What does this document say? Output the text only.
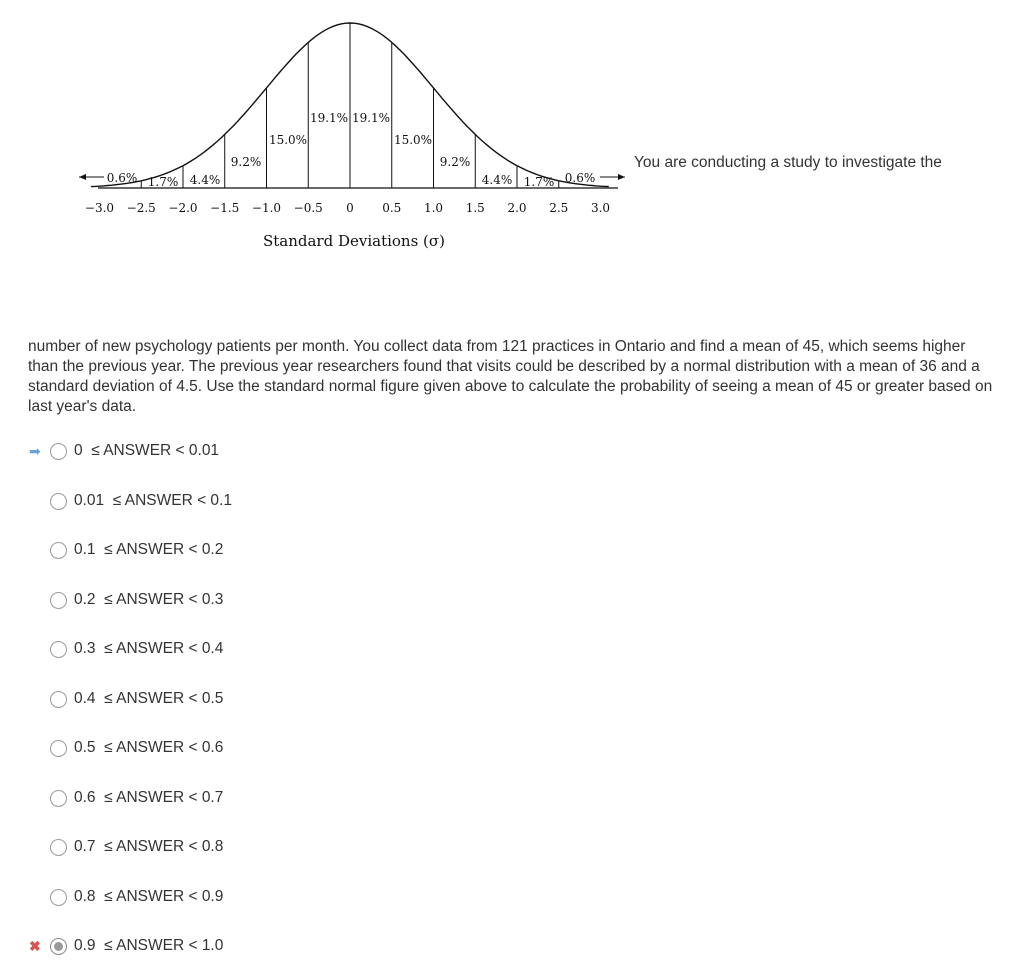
0.6% 1.7% 4.4%
9.2%
15.0%
19.1% 19.1%
15.0%
9.2%
4.4% 1.7% 0.6%
−3.0 −2.5 −2.0 −1.5 −1.0 −0.5 0 0.5 1.0 1.5 2.0 2.5 3.0
Standard Deviations (σ)
You are conducting a study to investigate the
number of new psychology patients per month. You collect data from 121 practices in Ontario and find a mean of 45, which seems higher than the previous year. The previous year researchers found that visits could be described by a normal distribution with a mean of 36 and a standard deviation of 4.5. Use the standard normal figure given above to calculate the probability of seeing a mean of 45 or greater based on last year's data.
➡ 0  ≤ ANSWER < 0.01
0.01  ≤ ANSWER < 0.1
0.1  ≤ ANSWER < 0.2
0.2  ≤ ANSWER < 0.3
0.3  ≤ ANSWER < 0.4
0.4  ≤ ANSWER < 0.5
0.5  ≤ ANSWER < 0.6
0.6  ≤ ANSWER < 0.7
0.7  ≤ ANSWER < 0.8
0.8  ≤ ANSWER < 0.9
✖ 0.9  ≤ ANSWER < 1.0
